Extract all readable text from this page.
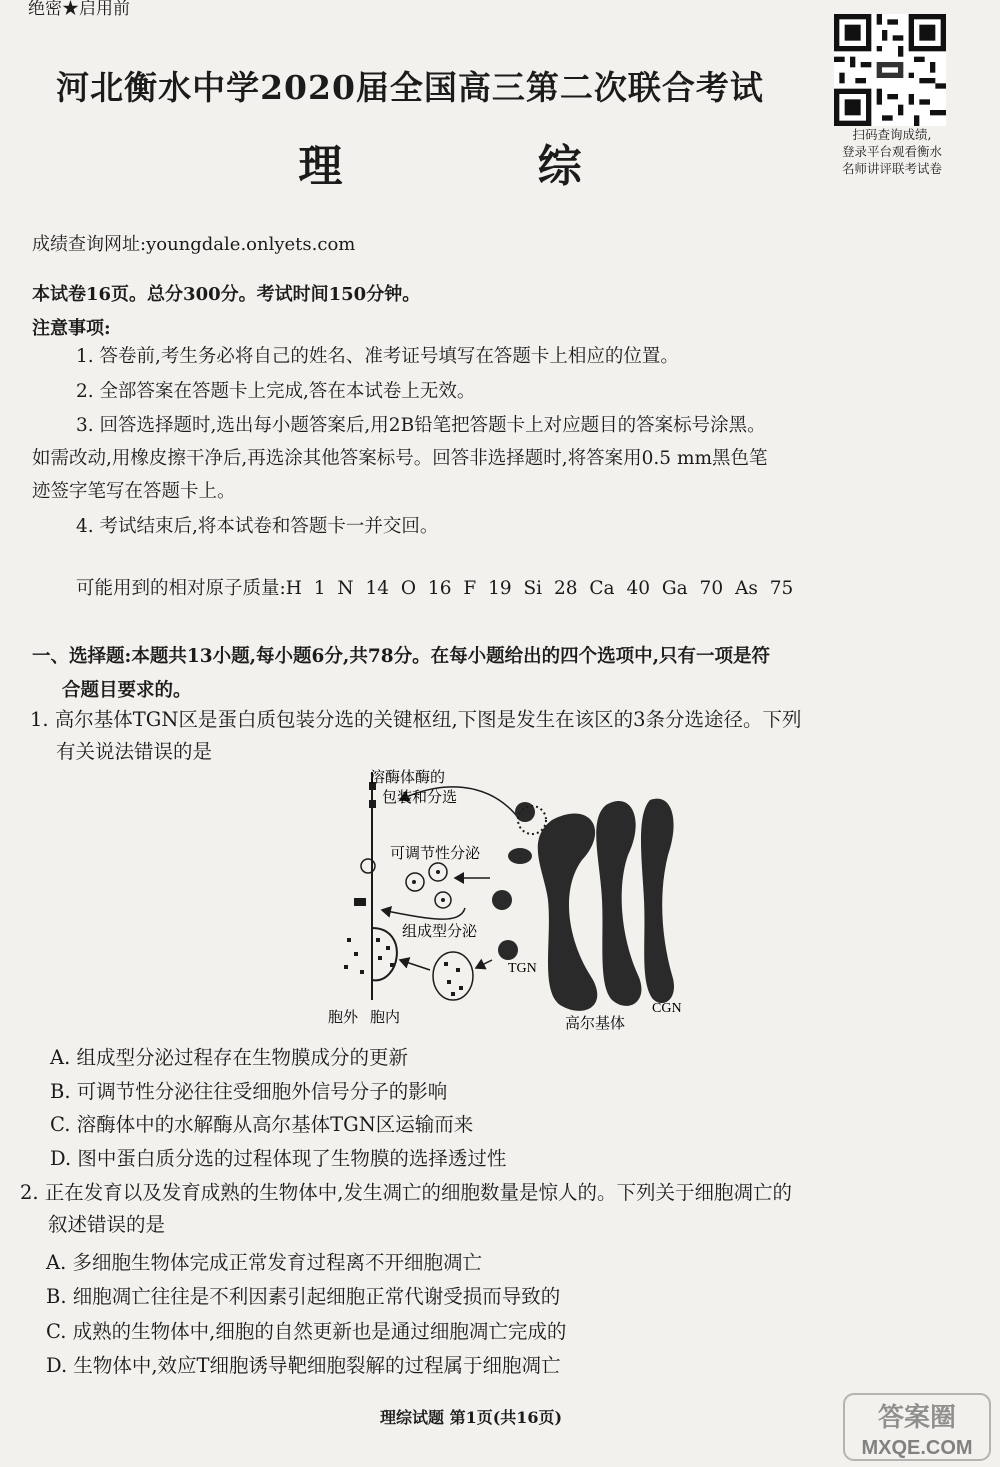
绝密★启用前
河北衡水中学2020届全国高三第二次联合考试
理 综
扫码查询成绩,
登录平台观看衡水
名师讲评联考试卷
成绩查询网址:youngdale.onlyets.com
本试卷16页。总分300分。考试时间150分钟。
注意事项:
1. 答卷前,考生务必将自己的姓名、准考证号填写在答题卡上相应的位置。
2. 全部答案在答题卡上完成,答在本试卷上无效。
3. 回答选择题时,选出每小题答案后,用2B铅笔把答题卡上对应题目的答案标号涂黑。
如需改动,用橡皮擦干净后,再选涂其他答案标号。回答非选择题时,将答案用0.5 mm黑色笔
迹签字笔写在答题卡上。
4. 考试结束后,将本试卷和答题卡一并交回。
可能用到的相对原子质量:H 1 N 14 O 16 F 19 Si 28 Ca 40 Ga 70 As 75
一、选择题:本题共13小题,每小题6分,共78分。在每小题给出的四个选项中,只有一项是符
合题目要求的。
1. 高尔基体TGN区是蛋白质包装分选的关键枢纽,下图是发生在该区的3条分选途径。下列
有关说法错误的是
溶酶体酶的
包装和分选
可调节性分泌
组成型分泌
TGN
高尔基体
CGN
胞外 胞内
A. 组成型分泌过程存在生物膜成分的更新
B. 可调节性分泌往往受细胞外信号分子的影响
C. 溶酶体中的水解酶从高尔基体TGN区运输而来
D. 图中蛋白质分选的过程体现了生物膜的选择透过性
2. 正在发育以及发育成熟的生物体中,发生凋亡的细胞数量是惊人的。下列关于细胞凋亡的
叙述错误的是
A. 多细胞生物体完成正常发育过程离不开细胞凋亡
B. 细胞凋亡往往是不利因素引起细胞正常代谢受损而导致的
C. 成熟的生物体中,细胞的自然更新也是通过细胞凋亡完成的
D. 生物体中,效应T细胞诱导靶细胞裂解的过程属于细胞凋亡
理综试题 第1页(共16页)	答案圈
MXQE.COM
